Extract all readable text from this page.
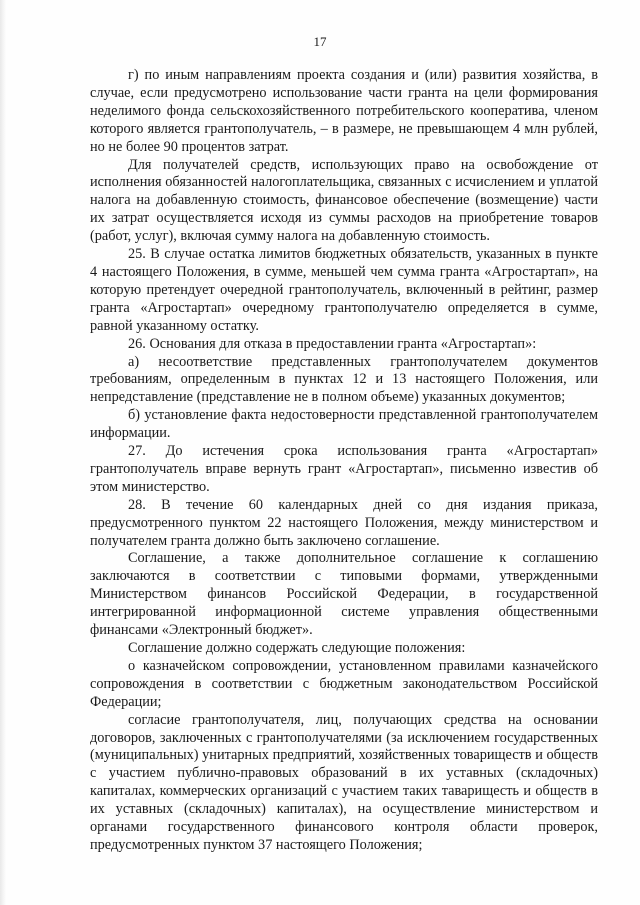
17

г) по иным направлениям проекта создания и (или) развития хозяйства, в случае, если предусмотрено использование части гранта на цели формирования неделимого фонда сельскохозяйственного потребительского кооператива, членом которого является грантополучатель, – в размере, не превышающем 4 млн рублей, но не более 90 процентов затрат.

Для получателей средств, использующих право на освобождение от исполнения обязанностей налогоплательщика, связанных с исчислением и уплатой налога на добавленную стоимость, финансовое обеспечение (возмещение) части их затрат осуществляется исходя из суммы расходов на приобретение товаров (работ, услуг), включая сумму налога на добавленную стоимость.

25. В случае остатка лимитов бюджетных обязательств, указанных в пункте 4 настоящего Положения, в сумме, меньшей чем сумма гранта «Агростартап», на которую претендует очередной грантополучатель, включенный в рейтинг, размер гранта «Агростартап» очередному грантополучателю определяется в сумме, равной указанному остатку.

26. Основания для отказа в предоставлении гранта «Агростартап»:

а) несоответствие представленных грантополучателем документов требованиям, определенным в пунктах 12 и 13 настоящего Положения, или непредставление (представление не в полном объеме) указанных документов;

б) установление факта недостоверности представленной грантополучателем информации.

27. До истечения срока использования гранта «Агростартап» грантополучатель вправе вернуть грант «Агростартап», письменно известив об этом министерство.

28. В течение 60 календарных дней со дня издания приказа, предусмотренного пунктом 22 настоящего Положения, между министерством и получателем гранта должно быть заключено соглашение.

Соглашение, а также дополнительное соглашение к соглашению заключаются в соответствии с типовыми формами, утвержденными Министерством финансов Российской Федерации, в государственной интегрированной информационной системе управления общественными финансами «Электронный бюджет».

Соглашение должно содержать следующие положения:

о казначейском сопровождении, установленном правилами казначейского сопровождения в соответствии с бюджетным законодательством Российской Федерации;

согласие грантополучателя, лиц, получающих средства на основании договоров, заключенных с грантополучателями (за исключением государственных (муниципальных) унитарных предприятий, хозяйственных товариществ и обществ с участием публично-правовых образований в их уставных (складочных) капиталах, коммерческих организаций с участием таких таварищесть и обществ в их уставных (складочных) капиталах), на осуществление министерством и органами государственного финансового контроля области проверок, предусмотренных пунктом 37 настоящего Положения;
